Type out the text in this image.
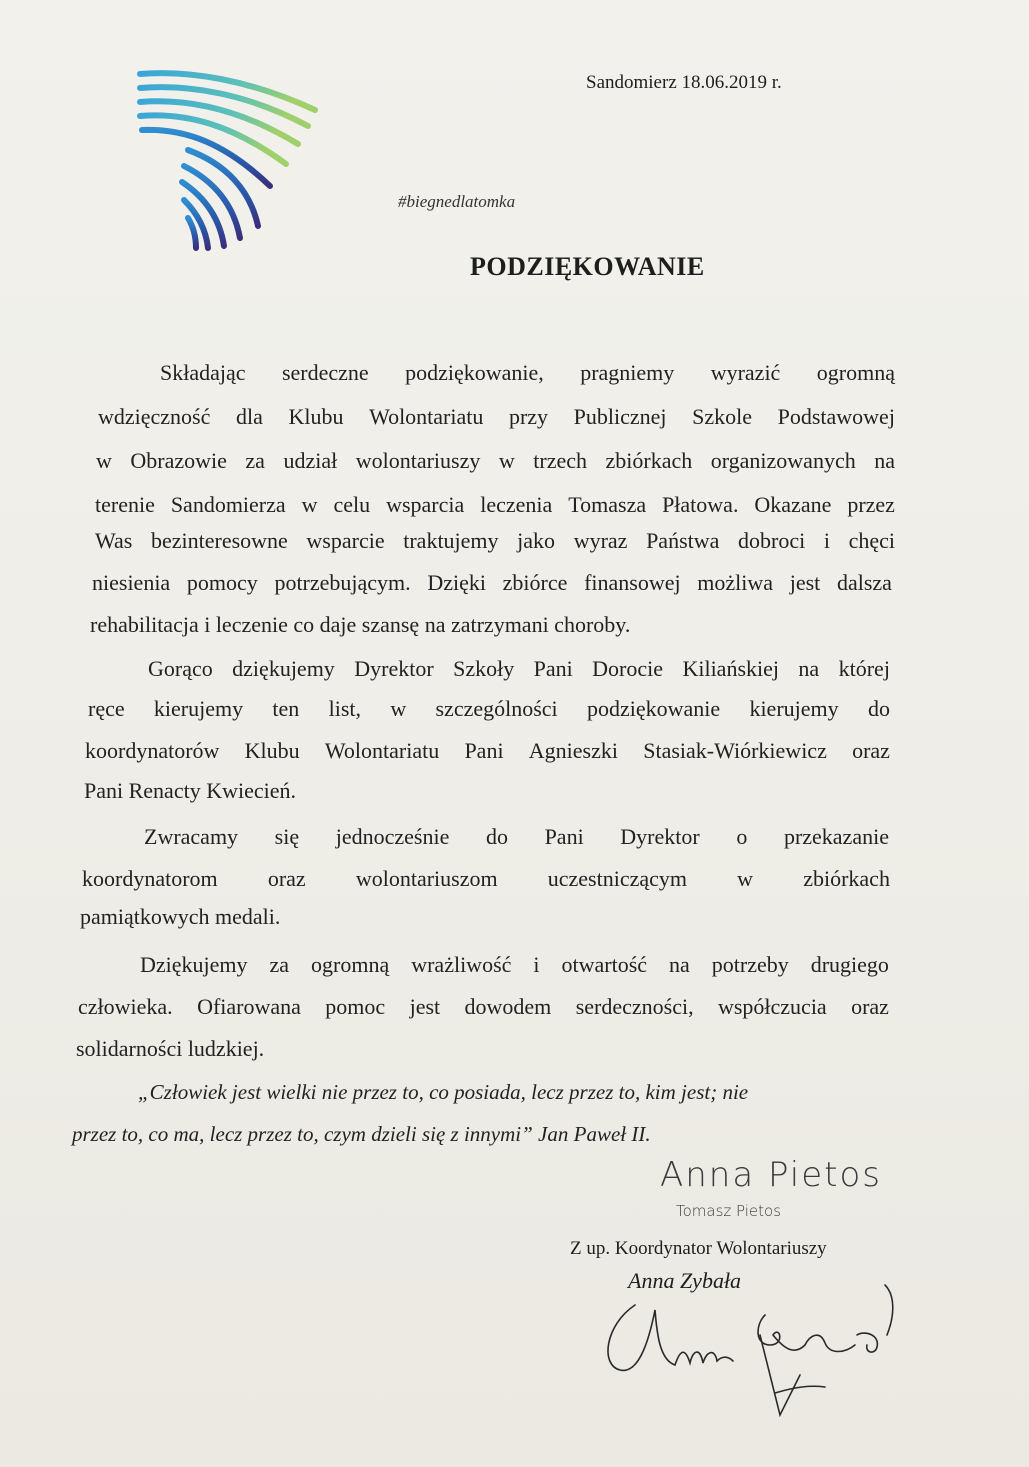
Sandomierz 18.06.2019 r.
#biegnedlatomka
PODZIĘKOWANIE
Składając serdeczne podziękowanie, pragniemy wyrazić ogromną
wdzięczność dla Klubu Wolontariatu przy Publicznej Szkole Podstawowej
w Obrazowie za udział wolontariuszy w trzech zbiórkach organizowanych na
terenie Sandomierza w celu wsparcia leczenia Tomasza Płatowa. Okazane przez
Was bezinteresowne wsparcie traktujemy jako wyraz Państwa dobroci i chęci
niesienia pomocy potrzebującym. Dzięki zbiórce finansowej możliwa jest dalsza
rehabilitacja i leczenie co daje szansę na zatrzymani choroby.
Gorąco dziękujemy Dyrektor Szkoły Pani Dorocie Kiliańskiej na której
ręce kierujemy ten list, w szczególności podziękowanie kierujemy do
koordynatorów Klubu Wolontariatu Pani Agnieszki Stasiak-Wiórkiewicz oraz
Pani Renacty Kwiecień.
Zwracamy się jednocześnie do Pani Dyrektor o przekazanie
koordynatorom oraz wolontariuszom uczestniczącym w zbiórkach
pamiątkowych medali.
Dziękujemy za ogromną wrażliwość i otwartość na potrzeby drugiego
człowieka. Ofiarowana pomoc jest dowodem serdeczności, współczucia oraz
solidarności ludzkiej.
„Człowiek jest wielki nie przez to, co posiada, lecz przez to, kim jest; nie
przez to, co ma, lecz przez to, czym dzieli się z innymi” Jan Paweł II.
Anna Pietos
Tomasz Pietos
Z up. Koordynator Wolontariuszy
Anna Zybała
